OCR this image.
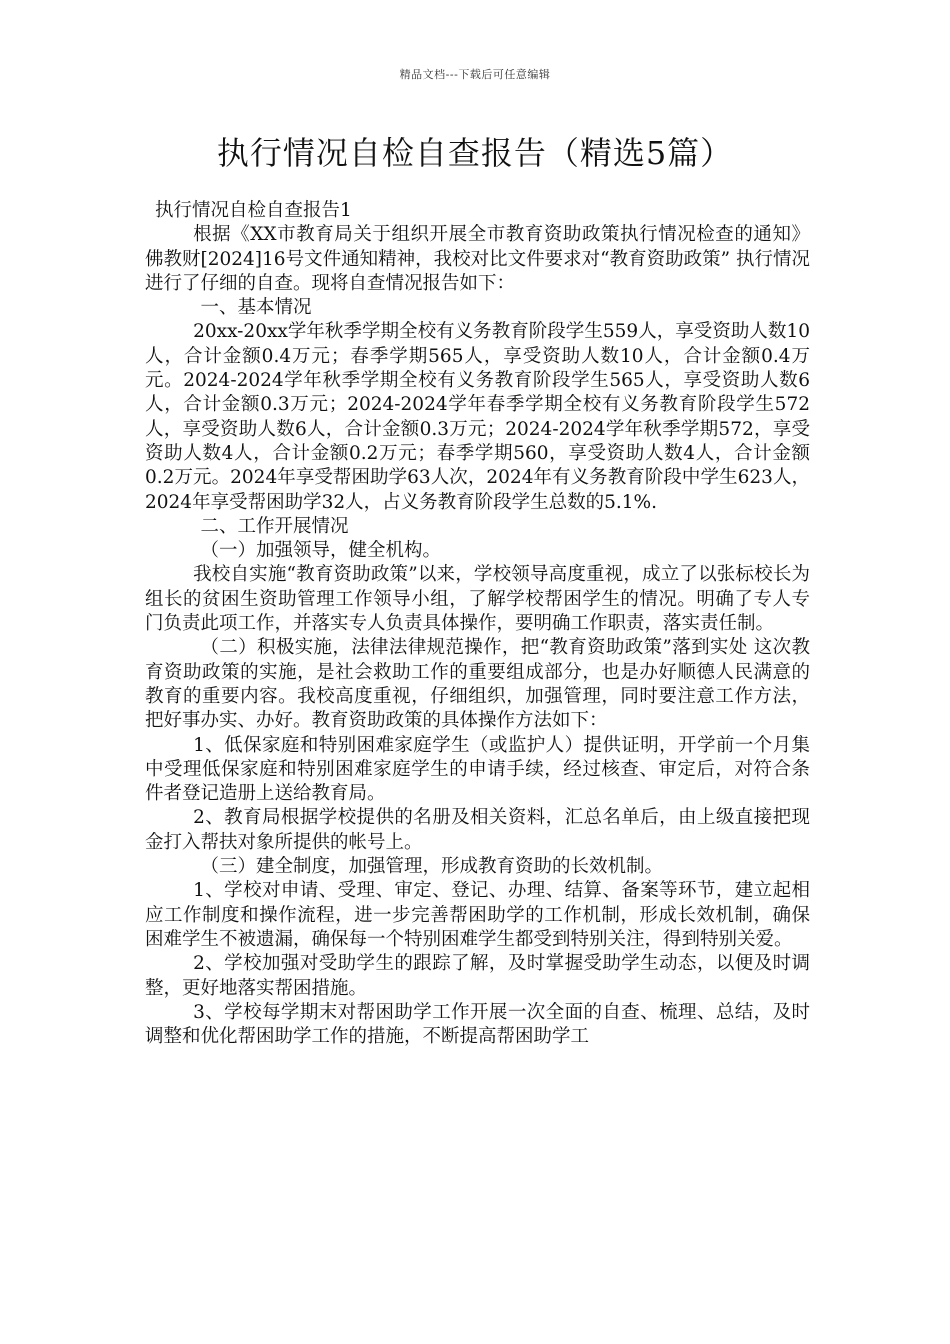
精品文档---下载后可任意编辑
执行情况自检自查报告（精选5篇）

执行情况自检自查报告1

根据《XX市教育局关于组织开展全市教育资助政策执行情况检查的通知》佛教财[2024]16号文件通知精神，我校对比文件要求对“教育资助政策” 执行情况进行了仔细的自查。现将自查情况报告如下：

一、基本情况

20xx-20xx学年秋季学期全校有义务教育阶段学生559人，享受资助人数10人，合计金额0.4万元；春季学期565人，享受资助人数10人，合计金额0.4万元。2024-2024学年秋季学期全校有义务教育阶段学生565人，享受资助人数6人，合计金额0.3万元；2024-2024学年春季学期全校有义务教育阶段学生572人，享受资助人数6人，合计金额0.3万元；2024-2024学年秋季学期572，享受资助人数4人，合计金额0.2万元；春季学期560，享受资助人数4人，合计金额0.2万元。2024年享受帮困助学63人次，2024年有义务教育阶段中学生623人，2024年享受帮困助学32人，占义务教育阶段学生总数的5.1%.

二、工作开展情况

（一）加强领导，健全机构。

我校自实施“教育资助政策”以来，学校领导高度重视，成立了以张标校长为组长的贫困生资助管理工作领导小组，了解学校帮困学生的情况。明确了专人专门负责此项工作，并落实专人负责具体操作，要明确工作职责，落实责任制。

（二）积极实施，法律法律规范操作，把“教育资助政策”落到实处 这次教育资助政策的实施，是社会救助工作的重要组成部分，也是办好顺德人民满意的教育的重要内容。我校高度重视，仔细组织，加强管理，同时要注意工作方法，把好事办实、办好。教育资助政策的具体操作方法如下：

1、低保家庭和特别困难家庭学生（或监护人）提供证明，开学前一个月集中受理低保家庭和特别困难家庭学生的申请手续，经过核查、审定后，对符合条件者登记造册上送给教育局。

2、教育局根据学校提供的名册及相关资料，汇总名单后，由上级直接把现金打入帮扶对象所提供的帐号上。

（三）建全制度，加强管理，形成教育资助的长效机制。

1、学校对申请、受理、审定、登记、办理、结算、备案等环节，建立起相应工作制度和操作流程，进一步完善帮困助学的工作机制，形成长效机制，确保困难学生不被遗漏，确保每一个特别困难学生都受到特别关注，得到特别关爱。

2、学校加强对受助学生的跟踪了解，及时掌握受助学生动态，以便及时调整，更好地落实帮困措施。

3、学校每学期末对帮困助学工作开展一次全面的自查、梳理、总结，及时调整和优化帮困助学工作的措施，不断提高帮困助学工
